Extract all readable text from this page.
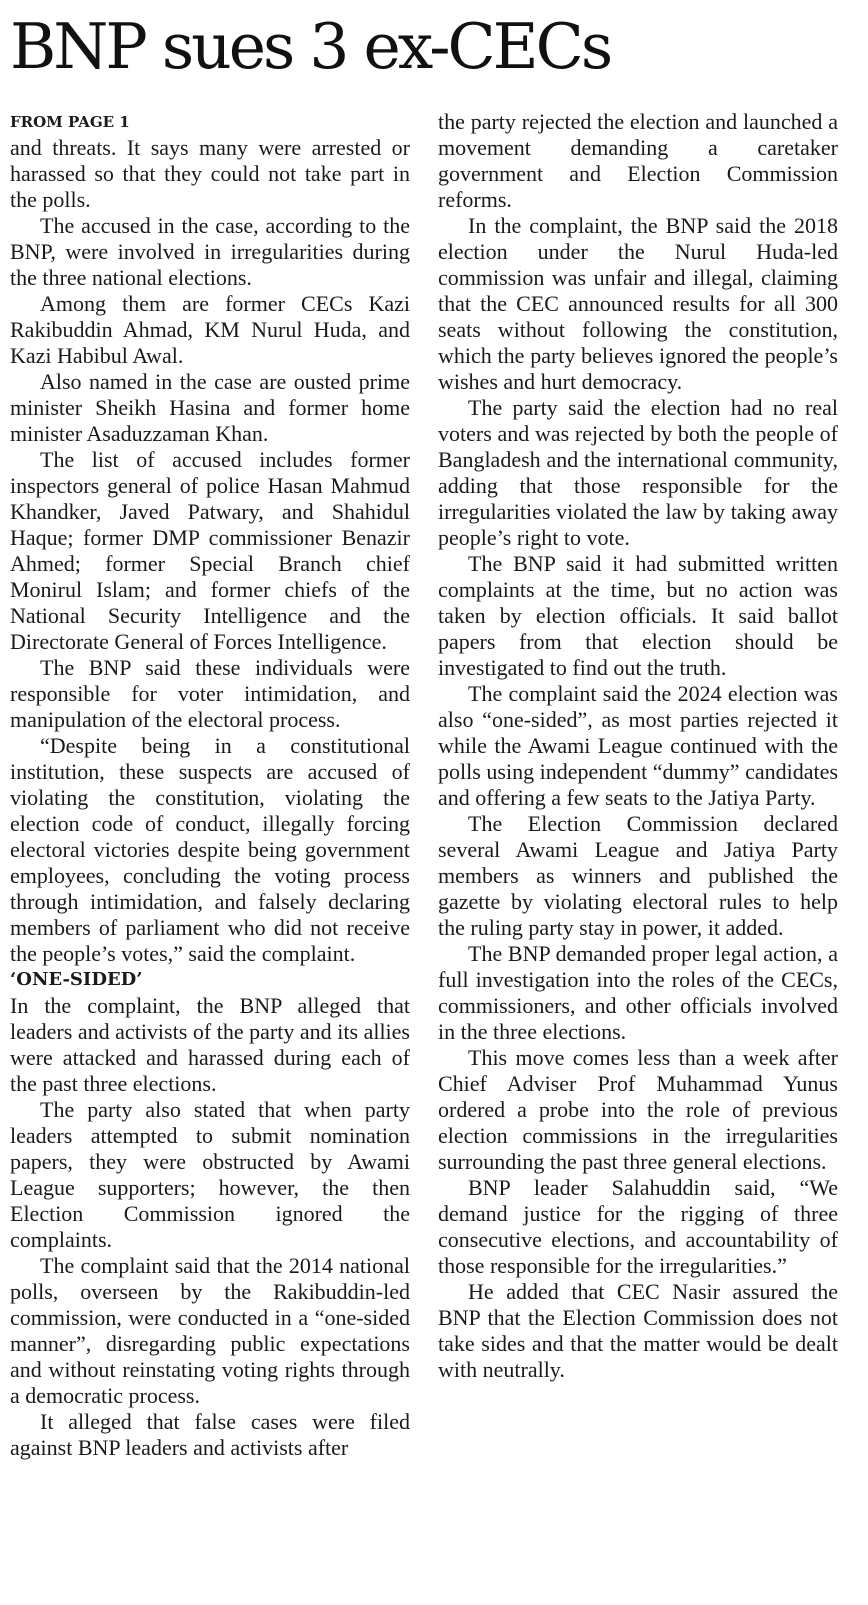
BNP sues 3 ex-CECs
FROM PAGE 1

and threats. It says many were arrested or harassed so that they could not take part in the polls.

The accused in the case, according to the BNP, were involved in irregularities during the three national elections.

Among them are former CECs Kazi Rakibuddin Ahmad, KM Nurul Huda, and Kazi Habibul Awal.

Also named in the case are ousted prime minister Sheikh Hasina and former home minister Asaduzzaman Khan.

The list of accused includes former inspectors general of police Hasan Mahmud Khandker, Javed Patwary, and Shahidul Haque; former DMP commissioner Benazir Ahmed; former Special Branch chief Monirul Islam; and former chiefs of the National Security Intelligence and the Directorate General of Forces Intelligence.

The BNP said these individuals were responsible for voter intimidation, and manipulation of the electoral process.

“Despite being in a constitutional institution, these suspects are accused of violating the constitution, violating the election code of conduct, illegally forcing electoral victories despite being government employees, concluding the voting process through intimidation, and falsely declaring members of parliament who did not receive the people’s votes,” said the complaint.

‘ONE-SIDED’

In the complaint, the BNP alleged that leaders and activists of the party and its allies were attacked and harassed during each of the past three elections.

The party also stated that when party leaders attempted to submit nomination papers, they were obstructed by Awami League supporters; however, the then Election Commission ignored the complaints.

The complaint said that the 2014 national polls, overseen by the Rakibuddin-led commission, were conducted in a “one-sided manner”, disregarding public expectations and without reinstating voting rights through a democratic process.

It alleged that false cases were filed against BNP leaders and activists after

the party rejected the election and launched a movement demanding a caretaker government and Election Commission reforms.

In the complaint, the BNP said the 2018 election under the Nurul Huda-led commission was unfair and illegal, claiming that the CEC announced results for all 300 seats without following the constitution, which the party believes ignored the people’s wishes and hurt democracy.

The party said the election had no real voters and was rejected by both the people of Bangladesh and the international community, adding that those responsible for the irregularities violated the law by taking away people’s right to vote.

The BNP said it had submitted written complaints at the time, but no action was taken by election officials. It said ballot papers from that election should be investigated to find out the truth.

The complaint said the 2024 election was also “one-sided”, as most parties rejected it while the Awami League continued with the polls using independent “dummy” candidates and offering a few seats to the Jatiya Party.

The Election Commission declared several Awami League and Jatiya Party members as winners and published the gazette by violating electoral rules to help the ruling party stay in power, it added.

The BNP demanded proper legal action, a full investigation into the roles of the CECs, commissioners, and other officials involved in the three elections.

This move comes less than a week after Chief Adviser Prof Muhammad Yunus ordered a probe into the role of previous election commissions in the irregularities surrounding the past three general elections.

BNP leader Salahuddin said, “We demand justice for the rigging of three consecutive elections, and accountability of those responsible for the irregularities.”

He added that CEC Nasir assured the BNP that the Election Commission does not take sides and that the matter would be dealt with neutrally.
